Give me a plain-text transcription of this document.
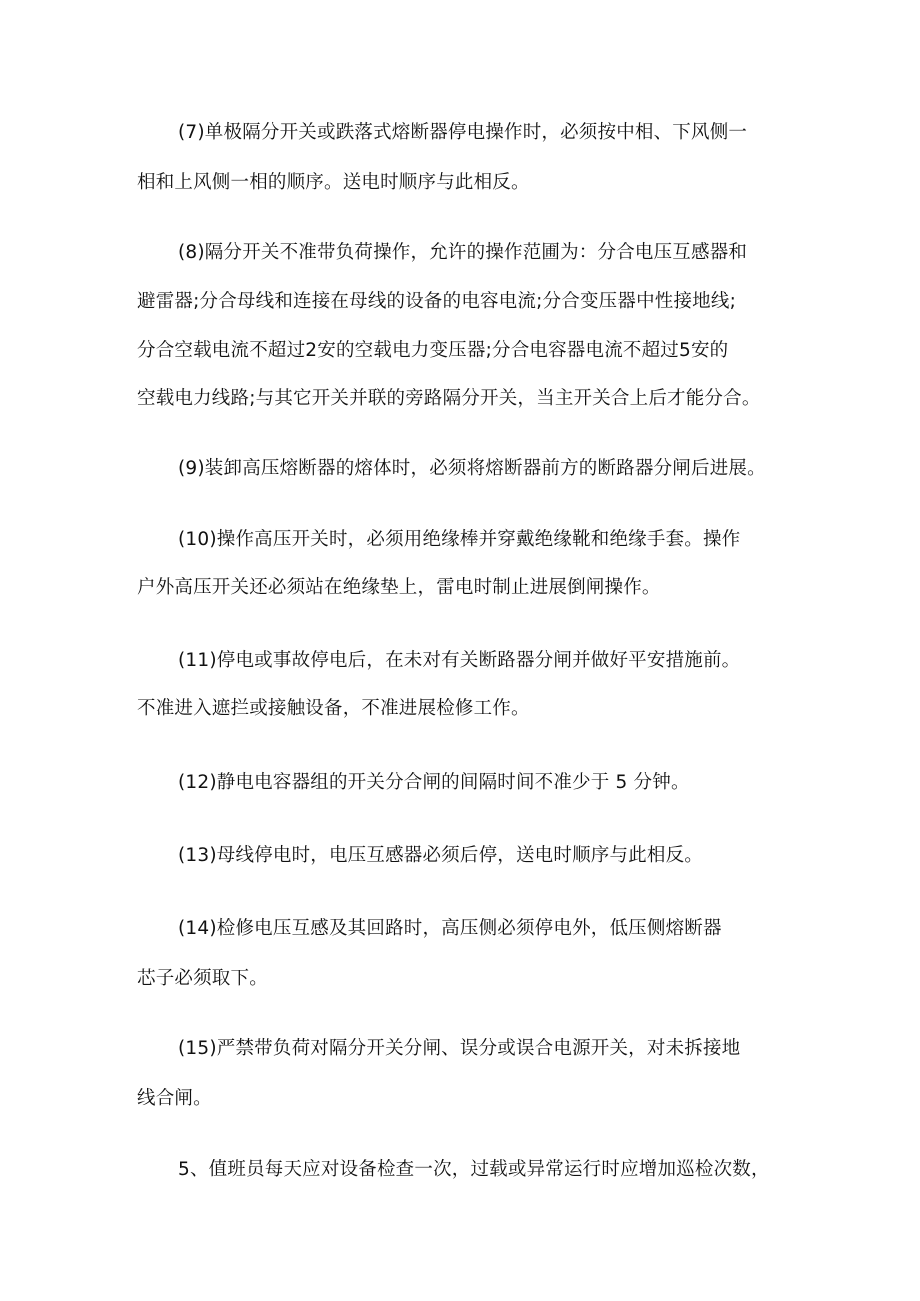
(7)单极隔分开关或跌落式熔断器停电操作时，必须按中相、下风侧一
相和上风侧一相的顺序。送电时顺序与此相反。
(8)隔分开关不准带负荷操作，允许的操作范圃为：分合电压互感器和
避雷器;分合母线和连接在母线的设备的电容电流;分合变压器中性接地线;
分合空载电流不超过2安的空载电力变压器;分合电容器电流不超过5安的
空载电力线路;与其它开关并联的旁路隔分开关，当主开关合上后才能分合。
(9)装卸高压熔断器的熔体时，必须将熔断器前方的断路器分闸后进展。
(10)操作高压开关时，必须用绝缘棒并穿戴绝缘靴和绝缘手套。操作
户外高压开关还必须站在绝缘垫上，雷电时制止进展倒闸操作。
(11)停电或事故停电后，在未对有关断路器分闸并做好平安措施前。
不准进入遮拦或接触设备，不准进展检修工作。
(12)静电电容器组的开关分合闸的间隔时间不准少于 5 分钟。
(13)母线停电时，电压互感器必须后停，送电时顺序与此相反。
(14)检修电压互感及其回路时，高压侧必须停电外，低压侧熔断器
芯子必须取下。
(15)严禁带负荷对隔分开关分闸、误分或误合电源开关，对未拆接地
线合闸。
5、值班员每天应对设备检查一次，过载或异常运行时应增加巡检次数，
